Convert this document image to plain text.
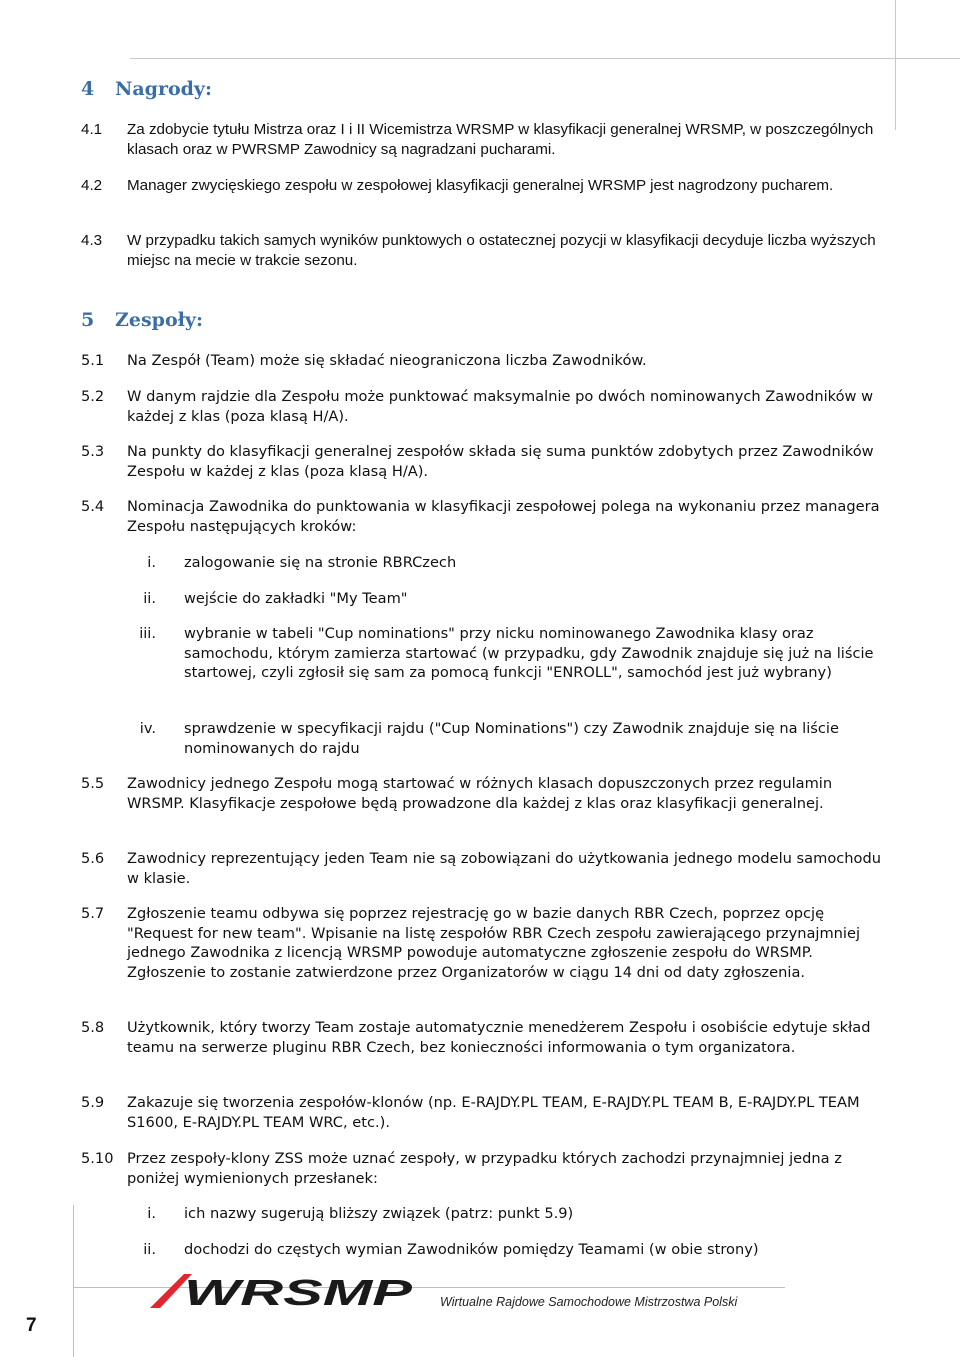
4 Nagrody:
4.1 Za zdobycie tytułu Mistrza oraz I i II Wicemistrza WRSMP w klasyfikacji generalnej WRSMP, w poszczególnych klasach oraz w PWRSMP Zawodnicy są nagradzani pucharami.
4.2 Manager zwycięskiego zespołu w zespołowej klasyfikacji generalnej WRSMP jest nagrodzony pucharem.
4.3 W przypadku takich samych wyników punktowych o ostatecznej pozycji w klasyfikacji decyduje liczba wyższych miejsc na mecie w trakcie sezonu.
5 Zespoły:
5.1 Na Zespół (Team) może się składać nieograniczona liczba Zawodników.
5.2 W danym rajdzie dla Zespołu może punktować maksymalnie po dwóch nominowanych Zawodników w każdej z klas (poza klasą H/A).
5.3 Na punkty do klasyfikacji generalnej zespołów składa się suma punktów zdobytych przez Zawodników Zespołu w każdej z klas (poza klasą H/A).
5.4 Nominacja Zawodnika do punktowania w klasyfikacji zespołowej polega na wykonaniu przez managera Zespołu następujących kroków:
i. zalogowanie się na stronie RBRCzech
ii. wejście do zakładki "My Team"
iii. wybranie w tabeli "Cup nominations" przy nicku nominowanego Zawodnika klasy oraz samochodu, którym zamierza startować (w przypadku, gdy Zawodnik znajduje się już na liście startowej, czyli zgłosił się sam za pomocą funkcji "ENROLL", samochód jest już wybrany)
iv. sprawdzenie w specyfikacji rajdu ("Cup Nominations") czy Zawodnik znajduje się na liście nominowanych do rajdu
5.5 Zawodnicy jednego Zespołu mogą startować w różnych klasach dopuszczonych przez regulamin WRSMP. Klasyfikacje zespołowe będą prowadzone dla każdej z klas oraz klasyfikacji generalnej.
5.6 Zawodnicy reprezentujący jeden Team nie są zobowiązani do użytkowania jednego modelu samochodu w klasie.
5.7 Zgłoszenie teamu odbywa się poprzez rejestrację go w bazie danych RBR Czech, poprzez opcję "Request for new team". Wpisanie na listę zespołów RBR Czech zespołu zawierającego przynajmniej jednego Zawodnika z licencją WRSMP powoduje automatyczne zgłoszenie zespołu do WRSMP. Zgłoszenie to zostanie zatwierdzone przez Organizatorów w ciągu 14 dni od daty zgłoszenia.
5.8 Użytkownik, który tworzy Team zostaje automatycznie menedżerem Zespołu i osobiście edytuje skład teamu na serwerze pluginu RBR Czech, bez konieczności informowania o tym organizatora.
5.9 Zakazuje się tworzenia zespołów-klonów (np. E-RAJDY.PL TEAM, E-RAJDY.PL TEAM B, E-RAJDY.PL TEAM S1600, E-RAJDY.PL TEAM WRC, etc.).
5.10 Przez zespoły-klony ZSS może uznać zespoły, w przypadku których zachodzi przynajmniej jedna z poniżej wymienionych przesłanek:
i. ich nazwy sugerują bliższy związek (patrz: punkt 5.9)
ii. dochodzi do częstych wymian Zawodników pomiędzy Teamami (w obie strony)
WRSMP Wirtualne Rajdowe Samochodowe Mistrzostwa Polski
7
